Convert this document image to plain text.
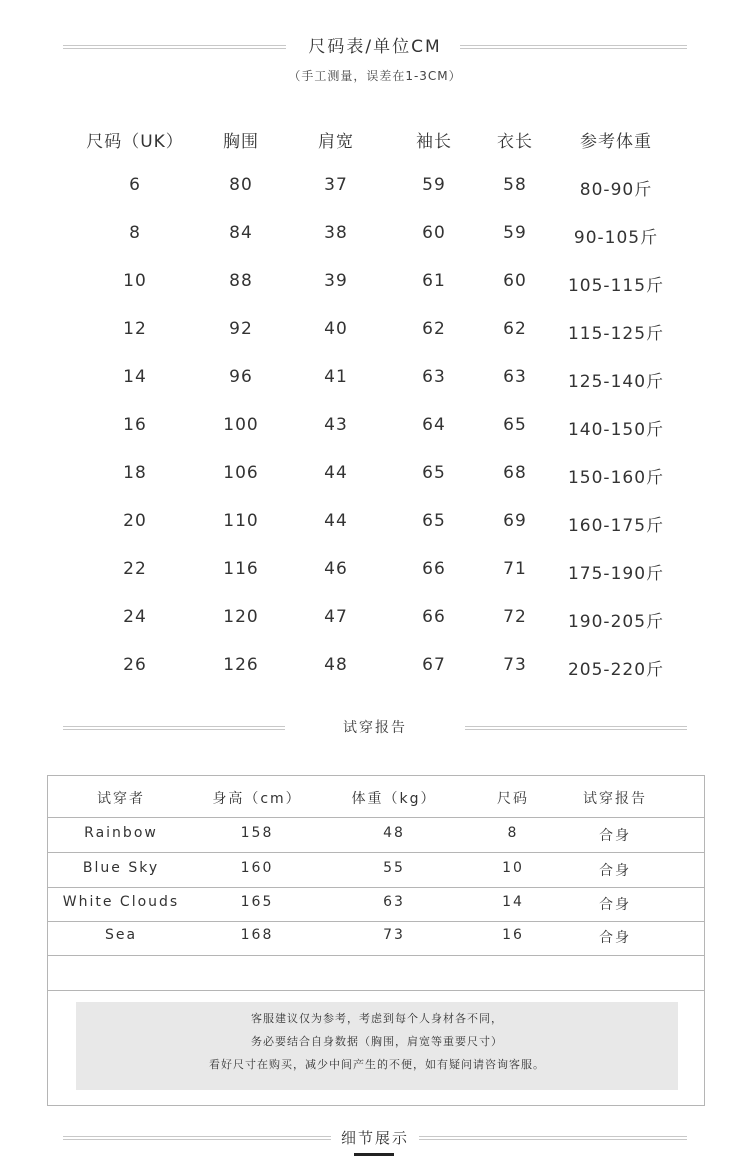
尺码表/单位CM
（手工测量，误差在1-3CM）
尺码（UK） 胸围	肩宽	袖长	衣长	参考体重
6	80	37	59	58	80-90斤
8	84	38	60	59	90-105斤
10	88	39	61	60 105-115斤
12	92	40	62	62 115-125斤
14	96	41	63	63 125-140斤
16	100	43	64	65 140-150斤
18	106	44	65	68 150-160斤
20	110	44	65	69 160-175斤
22	116	46	66	71 175-190斤
24	120	47	66	72 190-205斤
26	126	48	67	73 205-220斤
试穿报告
试穿者	身高（cm）	体重（kg）	尺码	试穿报告
Rainbow	158	48	8	合身
Blue Sky	160	55	10	合身
White Clouds	165	63	14	合身
Sea	168	73	16	合身

客服建议仅为参考，考虑到每个人身材各不同，

务必要结合自身数据（胸围，肩宽等重要尺寸）

看好尺寸在购买，减少中间产生的不便，如有疑问请咨询客服。

细节展示
